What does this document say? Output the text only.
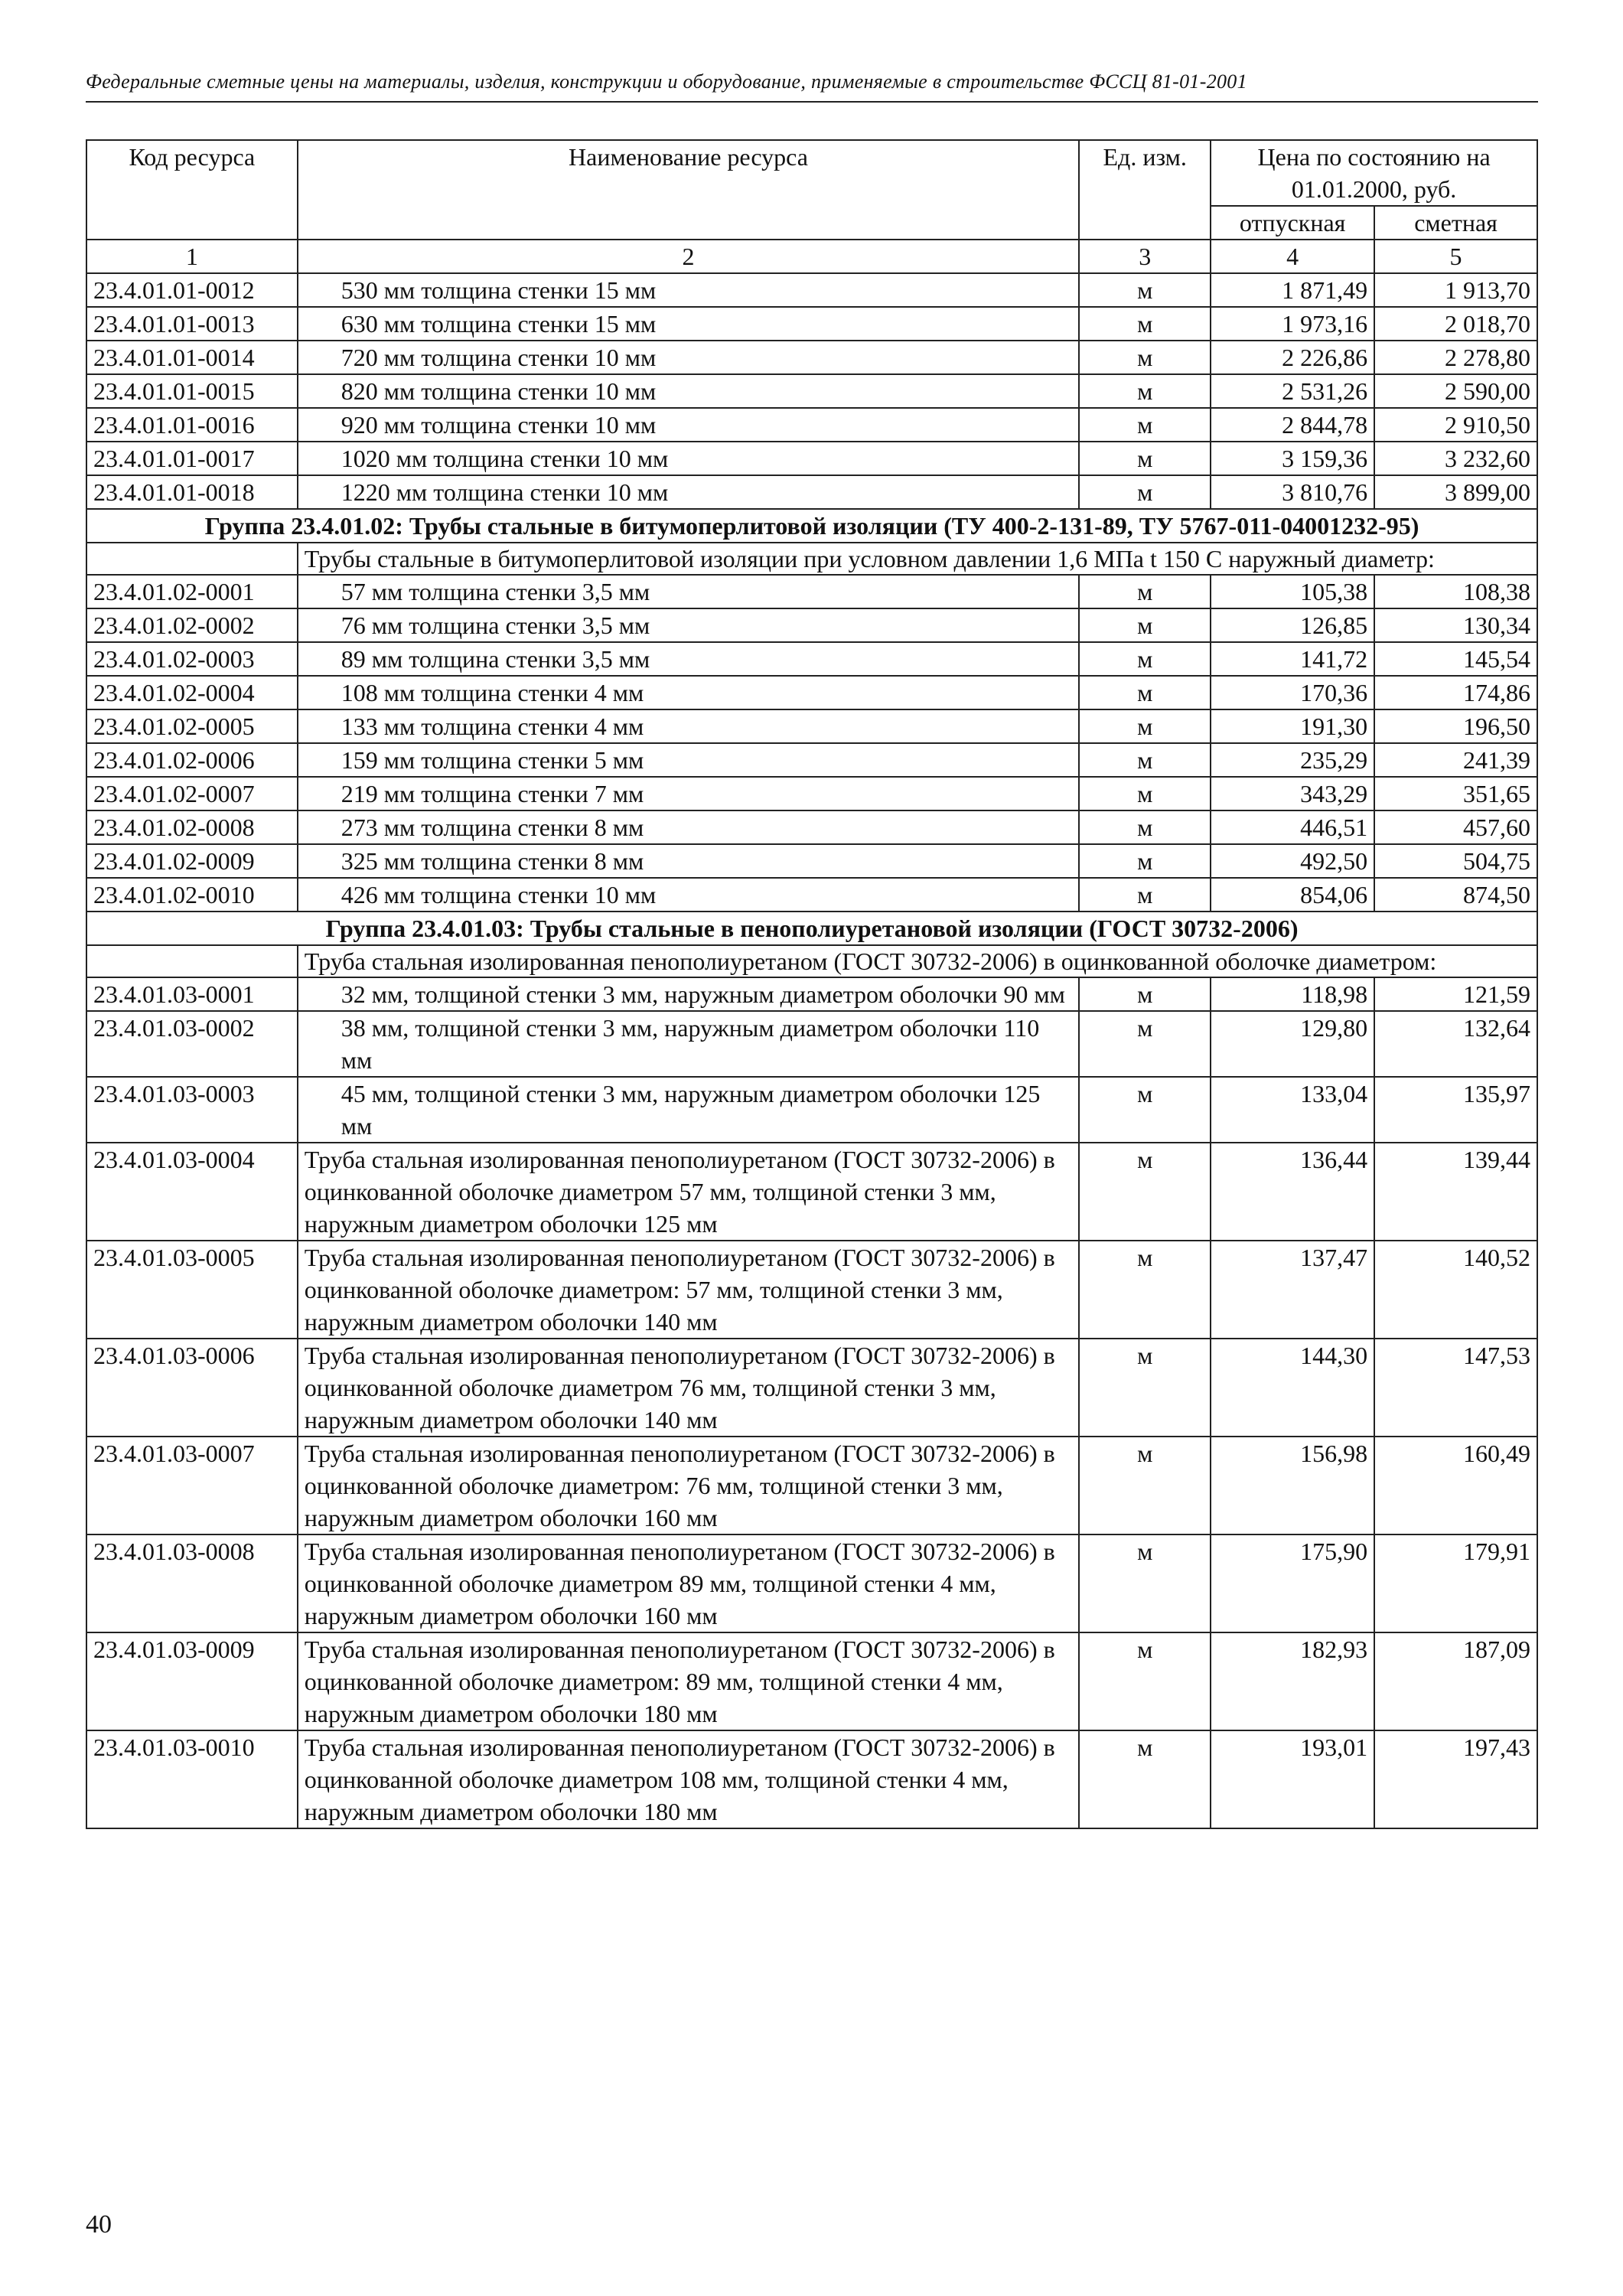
Федеральные сметные цены на материалы, изделия, конструкции и оборудование, применяемые в строительстве ФССЦ 81-01-2001
Код ресурса	Наименование ресурса	Ед. изм.	Цена по состоянию на 01.01.2000, руб.	
			отпускная	сметная
1	2	3	4	5
23.4.01.01-0012	530 мм толщина стенки 15 мм	м	1 871,49	1 913,70
23.4.01.01-0013	630 мм толщина стенки 15 мм	м	1 973,16	2 018,70
23.4.01.01-0014	720 мм толщина стенки 10 мм	м	2 226,86	2 278,80
23.4.01.01-0015	820 мм толщина стенки 10 мм	м	2 531,26	2 590,00
23.4.01.01-0016	920 мм толщина стенки 10 мм	м	2 844,78	2 910,50
23.4.01.01-0017	1020 мм толщина стенки 10 мм	м	3 159,36	3 232,60
23.4.01.01-0018	1220 мм толщина стенки 10 мм	м	3 810,76	3 899,00
Группа 23.4.01.02: Трубы стальные в битумоперлитовой изоляции (ТУ 400-2-131-89, ТУ 5767-011-04001232-95)				
	Трубы стальные в битумоперлитовой изоляции при условном давлении 1,6 МПа t 150 С наружный диаметр:			
23.4.01.02-0001	57 мм толщина стенки 3,5 мм	м	105,38	108,38
23.4.01.02-0002	76 мм толщина стенки 3,5 мм	м	126,85	130,34
23.4.01.02-0003	89 мм толщина стенки 3,5 мм	м	141,72	145,54
23.4.01.02-0004	108 мм толщина стенки 4 мм	м	170,36	174,86
23.4.01.02-0005	133 мм толщина стенки 4 мм	м	191,30	196,50
23.4.01.02-0006	159 мм толщина стенки 5 мм	м	235,29	241,39
23.4.01.02-0007	219 мм толщина стенки 7 мм	м	343,29	351,65
23.4.01.02-0008	273 мм толщина стенки 8 мм	м	446,51	457,60
23.4.01.02-0009	325 мм толщина стенки 8 мм	м	492,50	504,75
23.4.01.02-0010	426 мм толщина стенки 10 мм	м	854,06	874,50
Группа 23.4.01.03: Трубы стальные в пенополиуретановой изоляции (ГОСТ 30732-2006)				
	Труба стальная изолированная пенополиуретаном (ГОСТ 30732-2006) в оцинкованной оболочке диаметром:			
23.4.01.03-0001	32 мм, толщиной стенки 3 мм, наружным диаметром оболочки 90 мм	м	118,98	121,59
23.4.01.03-0002	38 мм, толщиной стенки 3 мм, наружным диаметром оболочки 110 мм	м	129,80	132,64
23.4.01.03-0003	45 мм, толщиной стенки 3 мм, наружным диаметром оболочки 125 мм	м	133,04	135,97
23.4.01.03-0004	Труба стальная изолированная пенополиуретаном (ГОСТ 30732-2006) в оцинкованной оболочке диаметром 57 мм, толщиной стенки 3 мм, наружным диаметром оболочки 125 мм	м	136,44	139,44
23.4.01.03-0005	Труба стальная изолированная пенополиуретаном (ГОСТ 30732-2006) в оцинкованной оболочке диаметром: 57 мм, толщиной стенки 3 мм, наружным диаметром оболочки 140 мм	м	137,47	140,52
23.4.01.03-0006	Труба стальная изолированная пенополиуретаном (ГОСТ 30732-2006) в оцинкованной оболочке диаметром 76 мм, толщиной стенки 3 мм, наружным диаметром оболочки 140 мм	м	144,30	147,53
23.4.01.03-0007	Труба стальная изолированная пенополиуретаном (ГОСТ 30732-2006) в оцинкованной оболочке диаметром: 76 мм, толщиной стенки 3 мм, наружным диаметром оболочки 160 мм	м	156,98	160,49
23.4.01.03-0008	Труба стальная изолированная пенополиуретаном (ГОСТ 30732-2006) в оцинкованной оболочке диаметром 89 мм, толщиной стенки 4 мм, наружным диаметром оболочки 160 мм	м	175,90	179,91
23.4.01.03-0009	Труба стальная изолированная пенополиуретаном (ГОСТ 30732-2006) в оцинкованной оболочке диаметром: 89 мм, толщиной стенки 4 мм, наружным диаметром оболочки 180 мм	м	182,93	187,09
23.4.01.03-0010	Труба стальная изолированная пенополиуретаном (ГОСТ 30732-2006) в оцинкованной оболочке диаметром 108 мм, толщиной стенки 4 мм, наружным диаметром оболочки 180 мм	м	193,01	197,43
40
